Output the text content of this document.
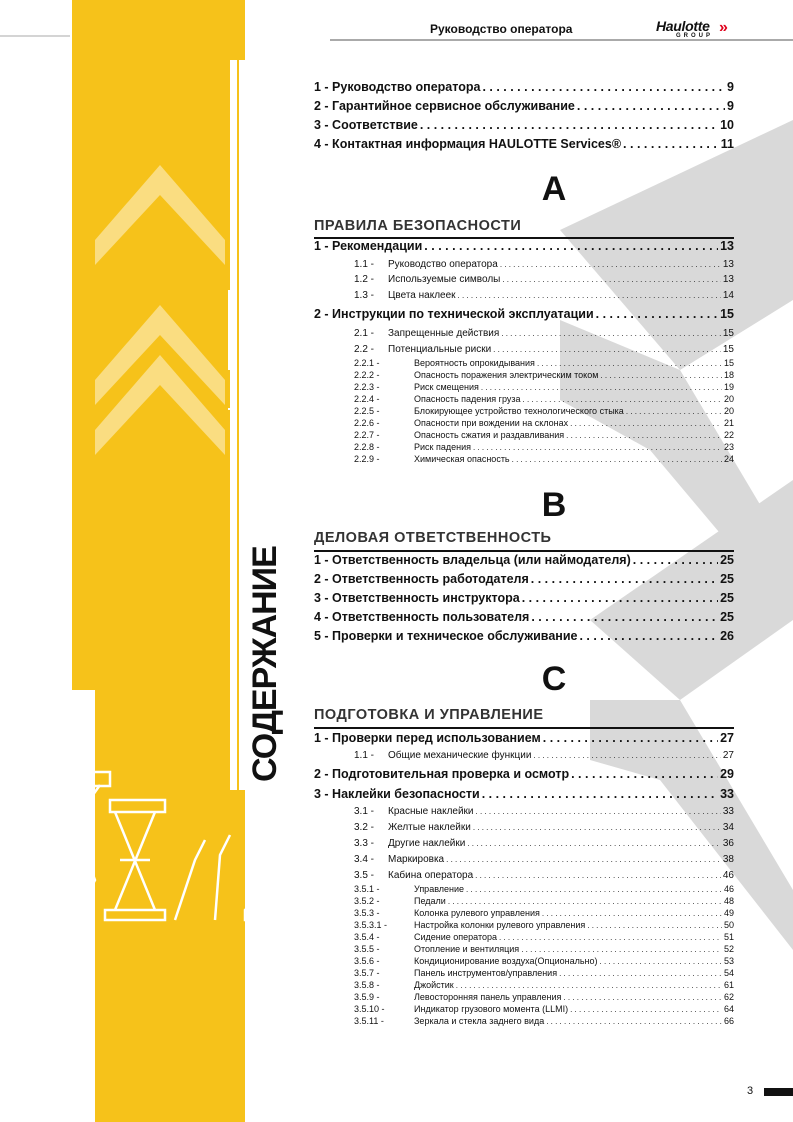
Руководство оператора	Haulotte
GROUP »
СОДЕРЖАНИЕ
1 - Руководство оператора . . .	9
2 - Гарантийное сервисное обслуживание . . .	9
3 - Соответствие . . .	10
4 - Контактная информация HAULOTTE Services® . . .	11
A
ПРАВИЛА БЕЗОПАСНОСТИ
1 - Рекомендации . . .	13
1.1 - Руководство оператора . . .	13
1.2 - Используемые символы . . .	13
1.3 - Цвета наклеек . . .	14
2 - Инструкции по технической эксплуатации . . .	15
2.1 - Запрещенные действия . . .	15
2.2 - Потенциальные риски . . .	15
2.2.1 -	Вероятность опрокидывания . . .	15
2.2.2 -	Опасность поражения электрическим током . . .	18
2.2.3 -	Риск смещения . . .	19
2.2.4 -	Опасность падения груза . . .	20
2.2.5 -	Блокирующее устройство технологического стыка . . .	20
2.2.6 -	Опасности при вождении на склонах . . .	21
2.2.7 -	Опасность сжатия и раздавливания . . .	22
2.2.8 -	Риск падения . . .	23
2.2.9 -	Химическая опасность . . .	24
B
ДЕЛОВАЯ ОТВЕТСТВЕННОСТЬ
1 - Ответственность владельца (или наймодателя) . . .	25
2 - Ответственность работодателя . . .	25
3 - Ответственность инструктора . . .	25
4 - Ответственность пользователя . . .	25
5 - Проверки и техническое обслуживание . . .	26
C
ПОДГОТОВКА И УПРАВЛЕНИЕ
1 - Проверки перед использованием . . .	27
1.1 - Общие механические функции . . .	27
2 - Подготовительная проверка и осмотр . . .	29
3 - Наклейки безопасности . . .	33
3.1 - Красные наклейки . . .	33
3.2 - Желтые наклейки . . .	34
3.3 - Другие наклейки . . .	36
3.4 - Маркировка . . .	38
3.5 - Кабина оператора . . .	46
3.5.1 -	Управление . . .	46
3.5.2 -	Педали . . .	48
3.5.3 -	Колонка рулевого управления . . .	49
3.5.3.1 -	Настройка колонки рулевого управления . . .	50
3.5.4 -	Сидение оператора . . .	51
3.5.5 -	Отопление и вентиляция . . .	52
3.5.6 -	Кондиционирование воздуха(Опционально) . . .	53
3.5.7 -	Панель инструментов/управления . . .	54
3.5.8 -	Джойстик . . .	61
3.5.9 -	Левосторонняя панель управления . . .	62
3.5.10 -	Индикатор грузового момента (LLMI) . . .	64
3.5.11 -	Зеркала и стекла заднего вида . . .	66
3
